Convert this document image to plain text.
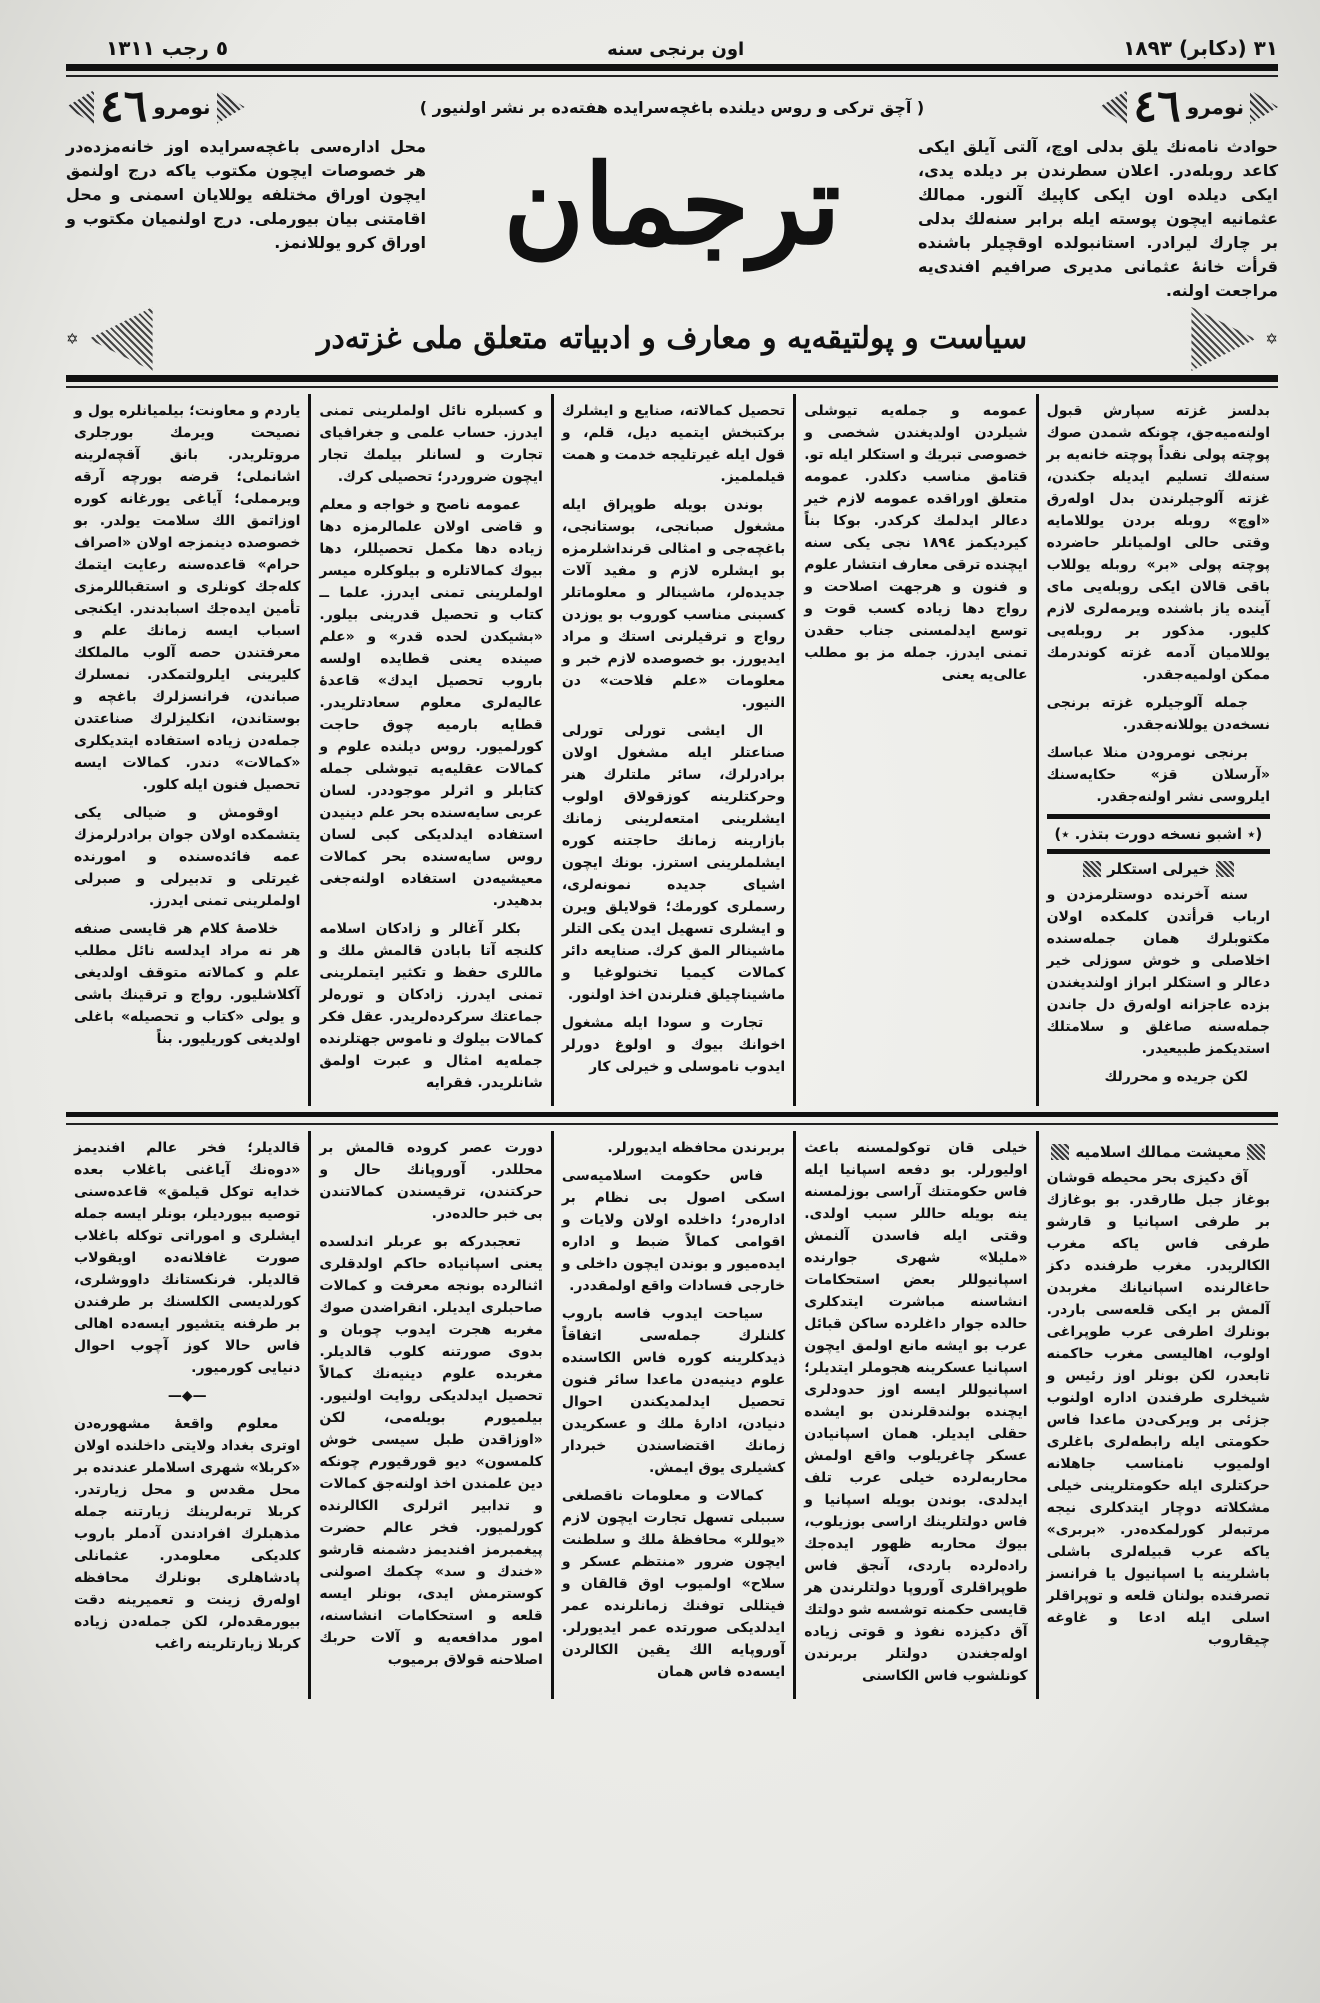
٥ رجب ١٣١١	اون برنجی سنه	٣١ (دكابر) ١٨٩٣
٤٦ نومرو	( آچق تركی و روس دیلنده باغچه‌سرایده هفته‌ده بر نشر اولنیور )	٤٦ نومرو
محل اداره‌سی باغچه‌سرایده اوز خانه‌مزده‌در هر خصوصات ایچون مكتوب یاكه درج اولنمق ایچون اوراق مختلفه یوللایان اسمنی و محل اقامتنی بیان بیورملی. درج اولنمیان مكتوب و اوراق كرو یوللانمز. ترجمان	حوادث نامه‌نك یلق بدلی اوچ، آلتی آیلق ایكی كاعد روبله‌در. اعلان سطرندن بر دیلده یدی، ایكی دیلده اون ایكی كاپیك آلنور. ممالك عثمانیه ایچون پوسته ایله برابر سنه‌لك بدلی بر چارك لیرادر. استانبولده اوقچیلر باشنده قرأت خانهٔ عثمانی مدیری صرافیم افندی‌یه مراجعت اولنه.
✡	سیاست و پولتیقه‌یه و معارف و ادبیاته متعلق ملی غزته‌در	✡

بدلسز غزته سپارش قبول اولنه‌میه‌جق، چونكه شمدن صوك پوچته پولی نقداً پوچته خانه‌یه بر سنه‌لك تسلیم ایدیله جكندن، غزته آلوجیلرندن بدل اوله‌رق «اوچ» روبله بردن یوللامایه وقتی حالی اولمیانلر حاضرده پوچته پولی «بر» روبله یوللاب باقی قالان ایكی روبله‌یی مای آینده یاز باشنده ویرمه‌لری لازم كلیور. مذكور بر روبله‌یی یوللامیان آدمه غزته كوندرمك ممكن اولمیه‌جقدر.

جمله آلوجیلره غزته برنجی نسخه‌دن یوللانه‌جقدر.

برنجی نومرودن منلا عباسك «آرسلان قز» حكایه‌سنك ایلروسی نشر اولنه‌جقدر.

(٭ اشبو نسخه دورت بتذر. ٭)
خیرلی استكلر

سنه آخرنده دوستلرمزدن و ارباب قرأتدن كلمكده اولان مكتوبلرك همان جمله‌سنده اخلاصلی و خوش سوزلی خیر دعالر و استكلر ابراز اولندیغندن بزده عاجزانه اوله‌رق دل جاندن جمله‌سنه صاغلق و سلامتلك استدیكمز طبیعیدر.

لكن جریده و محررلك

عمومه و جمله‌یه تیوشلی شیلردن اولدیغندن شخصی و خصوصی تبریك و استكلر ایله تو. قتامق مناسب دكلدر. عمومه متعلق اوراقده عمومه لازم خیر دعالر ایدلمك كركدر. بوكا بناً كیردیكمز ١٨٩٤ نجی یكی سنه ایچنده ترقی معارف انتشار علوم و فنون و هرجهت اصلاحت و رواج دها زیاده كسب قوت و توسع ایدلمسنی جناب حقدن تمنی ایدرز. جمله مز بو مطلب عالی‌یه یعنی

تحصیل كمالاته، صنایع و ایشلرك بركتبخش ایتمیه دیل، قلم، و قول ایله غیرتلیجه خدمت و همت قیلملمیز.

بوندن بویله طوپراق ایله مشغول صبانجی، بوستانجی، باغچه‌جی و امثالی قرنداشلرمزه بو ایشلره لازم و مفید آلات جدیده‌لر، ماشینالر و معلوماتلر كسبنی مناسب كوروب بو یوزدن رواج و ترقیلرنی استك و مراد ایدیورز. بو خصوصده لازم خبر و معلومات «علم فلاحت» دن النیور.

ال ایشی تورلی تورلی صناعتلر ایله مشغول اولان برادرلرك، سائر ملتلرك هنر وحركتلرینه كوزقولاق اولوب ایشلرینی امتعه‌لرینی زمانك بازارینه زمانك حاجتنه كوره ایشلملرینی استرز. بونك ایچون اشیای جدیده نمونه‌لری، رسملری كورمك؛ قولایلق ویرن و ایشلری تسهیل ایدن یكی التلر ماشینالر المق كرك. صنایعه دائر كمالات كیمیا تخنولوغیا و ماشیناچیلق فنلرندن اخذ اولنور.

تجارت و سودا ایله مشغول اخوانك بیوك و اولوغ دورلر ایدوب ناموسلی و خیرلی كار

و كسبلره نائل اولملرینی تمنی ایدرز. حساب علمی و جغرافیای تجارت و لسانلر بیلمك تجار ایچون ضروردر؛ تحصیلی كرك.

عمومه ناصح و خواجه و معلم و قاضی اولان علمالرمزه دها زیاده دها مكمل تحصیللر، دها بیوك كمالاتلره و بیلوكلره میسر اولملرینی تمنی ایدرز. علما ــ كتاب و تحصیل قدرینی بیلور. «بشیكدن لحده قدر» و «علم صینده یعنی قطایده اولسه باروب تحصیل ایدك» قاعدهٔ عالیه‌لری معلوم سعادتلریدر. قطایه بارمیه چوق حاجت كورلمیور. روس دیلنده علوم و كمالات عقلیه‌یه تیوشلی جمله كتابلر و اثرلر موجوددر. لسان عربی سایه‌سنده بحر علم دینیدن استفاده ایدلدیكی كبی لسان روس سایه‌سنده بحر كمالات معیشیه‌دن استفاده اولنه‌جغی بدهیدر.

بكلر آغالر و زادكان اسلامه كلنجه آتا بابادن قالمش ملك و ماللری حفظ و تكثیر ایتملرینی تمنی ایدرز. زادكان و توره‌لر جماعتك سركرده‌لریدر. عقل فكر كمالات بیلوك و ناموس جهتلرنده جمله‌یه امثال و عبرت اولمق شانلریدر. فقرایه

یاردم و معاونت؛ بیلمیانلره یول و نصیحت ویرمك بورجلری مروتلریدر. بانق آقچه‌لرینه اشانملی؛ قرضه بورچه آرقه ویرمملی؛ آیاغی یورغانه كوره اوزاتمق الك سلامت یولدر. بو خصوصده دینمزجه اولان «اصراف حرام» قاعده‌سنه رعایت ایتمك كله‌جك كونلری و استقباللرمزی تأمین ایده‌جك اسبابدندر. ایكنجی اسباب ایسه زمانك علم و معرفتندن حصه آلوب مالملكك كلیرینی ایلرولتمكدر. نمسلرك صباندن، فرانسزلرك باغچه و بوستاندن، انكلیزلرك صناعتدن جمله‌دن زیاده استفاده ایتدیكلری «كمالات» دندر. كمالات ایسه تحصیل فنون ایله كلور.

اوقومش و ضیالی یكی یتشمكده اولان جوان برادرلرمزك عمه فائده‌سنده و امورنده غیرتلی و تدبیرلی و صبرلی اولملرینی تمنی ایدرز.

خلاصهٔ كلام هر قایسی صنفه هر نه مراد ایدلسه نائل مطلب علم و كمالاته متوقف اولدیغی آكلاشلیور. رواج و ترقینك باشی و یولی «كتاب و تحصیله» باغلی اولدیغی كوریلیور. بناً

معیشت ممالك اسلامیه

آق دكیزی بحر محیطه قوشان بوغاز جبل طارقدر. بو بوغازك بر طرفی اسپانیا و قارشو طرفی فاس یاكه مغرب الكالریدر. مغرب طرفنده دكز حاغالرنده اسپانیانك مغربدن آلمش بر ایكی قلعه‌سی باردر. بونلرك اطرفی عرب طوپراغی اولوب، اهالیسی مغرب حاكمنه تابعدر، لكن بونلر اوز رئیس و شیخلری طرفندن اداره اولنوب جزئی بر ویركی‌دن ماعدا فاس حكومتی ایله رابطه‌لری باغلری اولمیوب نامناسب جاهلانه حركتلری ایله حكومتلرینی خیلی مشكلاته دوچار ایتدكلری نیجه مرتبه‌لر كورلمكده‌در. «بربری» یاكه عرب قبیله‌لری باشلی باشلرینه یا اسپانیول یا فرانسز تصرفنده بولنان قلعه و توپراقلر اسلی ایله ادعا و غاوغه چیقاروب

خیلی قان توكولمسنه باعث اولیورلر. بو دفعه اسپانیا ایله فاس حكومتنك آراسی بوزلمسنه ینه بویله حاللر سبب اولدی. وقتی ایله فاسدن آلنمش «ملیلا» شهری جوارنده اسپانیوللر بعض استحكامات انشاسنه مباشرت ایتدكلری حالده جوار داغلرده ساكن قبائل عرب بو ایشه مانع اولمق ایچون اسپانیا عسكرینه هجوملر ایتدیلر؛ اسپانیوللر ایسه اوز حدودلری ایچنده بولندقلرندن بو ایشده حقلی ایدیلر. همان اسپانیادن عسكر چاغریلوب واقع اولمش محاربه‌لرده خیلی عرب تلف ایدلدی. بوندن بویله اسپانیا و فاس دولتلرینك اراسی بوزیلوب، بیوك محاربه ظهور ایده‌جك راده‌لرده باردی، آنجق فاس طوپراقلری آوروپا دولتلرندن هر قایسی حكمنه توشسه شو دولتك آق دكیزده نفوذ و قوتی زیاده اوله‌جغندن دولتلر بربرندن كونلشوب فاس الكاسنی

بربرندن محافظه ایدیورلر.

فاس حكومت اسلامیه‌سی اسكی اصول بی نظام بر اداره‌در؛ داخلده اولان ولایات و اقوامی كمالاً ضبط و اداره ایده‌میور و بوندن ایچون داخلی و خارجی فسادات واقع اولمقددر.

سیاحت ایدوب فاسه باروب كلنلرك جمله‌سی اتفاقاً ذیدكلرینه كوره فاس الكاسنده علوم دینیه‌دن ماعدا سائر فنون تحصیل ایدلمدیكندن احوال دنیادن، ادارهٔ ملك و عسكریدن زمانك اقتضاسندن خبردار كشیلری یوق ایمش.

كمالات و معلومات ناقصلغی سببلی تسهل تجارت ایچون لازم «یوللر» محافظهٔ ملك و سلطنت ایچون ضرور «منتظم عسكر و سلاح» اولمیوب اوق قالقان و فیتللی توفنك زمانلرنده عمر ایدلدیكی صورتده عمر ایدیورلر. آوروپایه الك یقین الكالردن ایسه‌ده فاس همان

دورت عصر كروده قالمش بر محللدر. آوروپانك حال و حركتندن، ترقیسندن كمالاتندن بی خبر حالده‌در.

تعجبدركه بو عربلر اندلسده یعنی اسپانیاده حاكم اولدقلری اثنالرده بونجه معرفت و كمالات صاحبلری ایدیلر. انقراضدن صوك مغربه هجرت ایدوب چوبان و بدوی صورتنه كلوب قالدیلر. مغربده علوم دینیه‌نك كمالاً تحصیل ایدلدیكی روایت اولنیور. بیلمیورم بویله‌می، لكن «اوزاقدن طبل سیسی خوش كلمسون» دیو قورقیورم چونكه دین علمندن اخذ اولنه‌جق كمالات و تدابیر اثرلری الكالرنده كورلمیور. فخر عالم حضرت پیغمبرمز افندیمز دشمنه قارشو «خندك و سد» چكمك اصولنی كوسترمش ایدی، بونلر ایسه قلعه و استحكامات انشاسنه، امور مدافعه‌یه و آلات حربك اصلاحنه قولاق برمیوب

قالدیلر؛ فخر عالم افندیمز «دوه‌نك آیاغنی باغلاب بعده خدایه توكل قیلمق» قاعده‌سنی توصیه بیوردیلر، بونلر ایسه جمله ایشلری و اموراتی توكله باغلاب صورت غافلانه‌ده اویقولاب قالدیلر. فرنكستانك داووشلری، كورلدیسی الكلسنك بر طرفندن بر طرفنه یتشیور ایسه‌ده اهالی فاس حالا كوز آچوب احوال دنیایی كورمیور.

—◆—

معلوم واقعهٔ مشهوره‌دن اوتری بغداد ولایتی داخلنده اولان «كربلا» شهری اسلاملر عندنده بر محل مقدس و محل زیارتدر. كربلا تربه‌لرینك زیارتنه جمله مذهبلرك افرادندن آدملر باروب كلدیكی معلومدر. عثمانلی پادشاهلری بونلرك محافظه اوله‌رق زینت و تعمیرینه دقت بیورمقده‌لر، لكن جمله‌دن زیاده كربلا زیارتلرینه راغب
